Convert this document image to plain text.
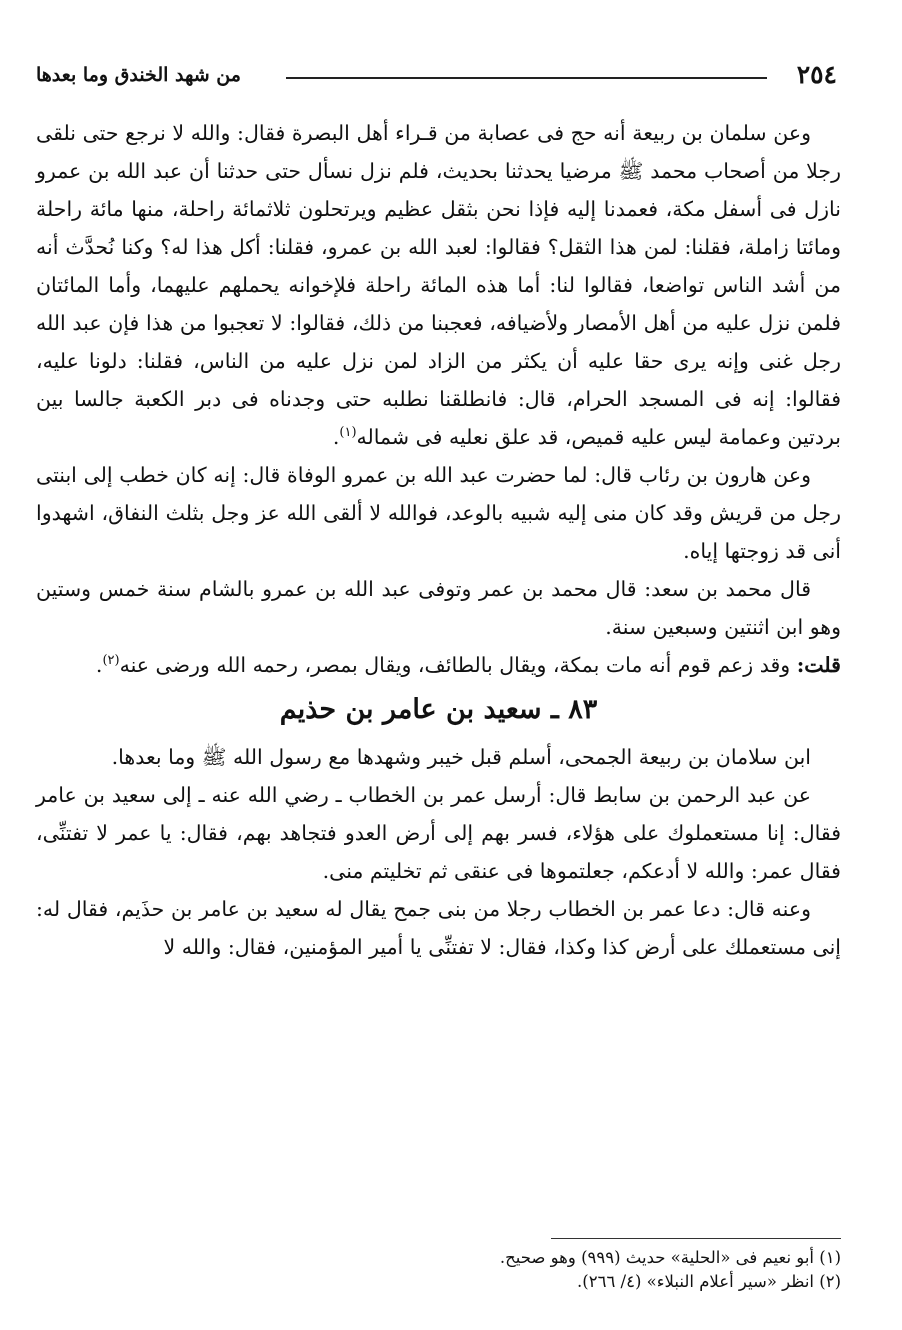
٢٥٤
من شهد الخندق وما بعدها

وعن سلمان بن ربيعة أنه حج فى عصابة من قـراء أهل البصرة فقال: والله لا نرجع حتى نلقى رجلا من أصحاب محمد ﷺ مرضيا يحدثنا بحديث، فلم نزل نسأل حتى حدثنا أن عبد الله بن عمرو نازل فى أسفل مكة، فعمدنا إليه فإذا نحن بثقل عظيم ويرتحلون ثلاثمائة راحلة، منها مائة راحلة ومائتا زاملة، فقلنا: لمن هذا الثقل؟ فقالوا: لعبد الله بن عمرو، فقلنا: أكل هذا له؟ وكنا نُحدَّث أنه من أشد الناس تواضعا، فقالوا لنا: أما هذه المائة راحلة فلإخوانه يحملهم عليهما، وأما المائتان فلمن نزل عليه من أهل الأمصار ولأضيافه، فعجبنا من ذلك، فقالوا: لا تعجبوا من هذا فإن عبد الله رجل غنى وإنه يرى حقا عليه أن يكثر من الزاد لمن نزل عليه من الناس، فقلنا: دلونا عليه، فقالوا: إنه فى المسجد الحرام، قال: فانطلقنا نطلبه حتى وجدناه فى دبر الكعبة جالسا بين بردتين وعمامة ليس عليه قميص، قد علق نعليه فى شماله$^{(١)}$.

وعن هارون بن رئاب قال: لما حضرت عبد الله بن عمرو الوفاة قال: إنه كان خطب إلى ابنتى رجل من قريش وقد كان منى إليه شبيه بالوعد، فوالله لا ألقى الله عز وجل بثلث النفاق، اشهدوا أنى قد زوجتها إياه.

قال محمد بن سعد: قال محمد بن عمر وتوفى عبد الله بن عمرو بالشام سنة خمس وستين وهو ابن اثنتين وسبعين سنة.

قلت: وقد زعم قوم أنه مات بمكة، ويقال بالطائف، ويقال بمصر، رحمه الله ورضى عنه$^{(٢)}$.

٨٣ ـ سعيد بن عامر بن حذيم

ابن سلامان بن ربيعة الجمحى، أسلم قبل خيبر وشهدها مع رسول الله ﷺ وما بعدها.

عن عبد الرحمن بن سابط قال: أرسل عمر بن الخطاب ـ رضي الله عنه ـ إلى سعيد بن عامر فقال: إنا مستعملوك على هؤلاء، فسر بهم إلى أرض العدو فتجاهد بهم، فقال: يا عمر لا تفتنِّى، فقال عمر: والله لا أدعكم، جعلتموها فى عنقى ثم تخليتم منى.

وعنه قال: دعا عمر بن الخطاب رجلا من بنى جمح يقال له سعيد بن عامر بن حذَيم، فقال له: إنى مستعملك على أرض كذا وكذا، فقال: لا تفتنِّى يا أمير المؤمنين، فقال: والله لا

(١) أبو نعيم فى «الحلية» حديث (٩٩٩) وهو صحيح.

(٢) انظر «سير أعلام النبلاء» (٤/ ٢٦٦).
